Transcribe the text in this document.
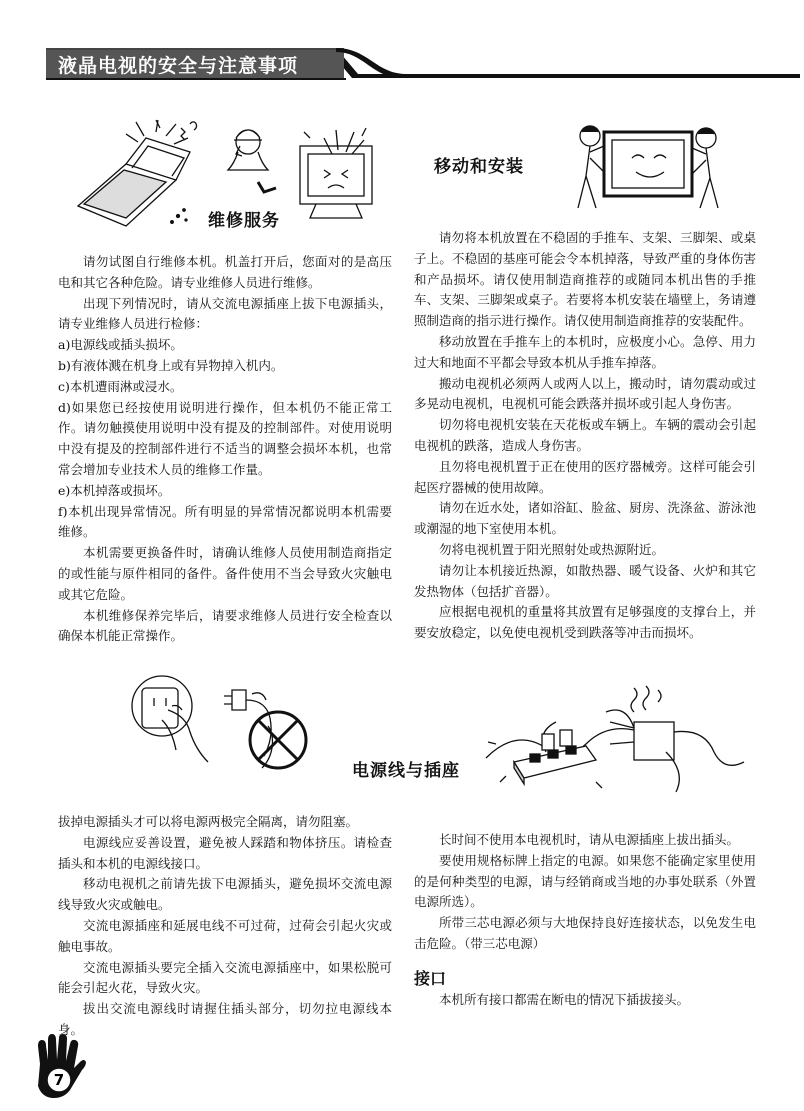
液晶电视的安全与注意事项
维修服务
移动和安装

请勿试图自行维修本机。机盖打开后，您面对的是高压电和其它各种危险。请专业维修人员进行维修。

出现下列情况时，请从交流电源插座上拔下电源插头，请专业维修人员进行检修：

a)电源线或插头损坏。

b)有液体溅在机身上或有异物掉入机内。

c)本机遭雨淋或浸水。

d)如果您已经按使用说明进行操作，但本机仍不能正常工作。请勿触摸使用说明中没有提及的控制部件。对使用说明中没有提及的控制部件进行不适当的调整会损坏本机，也常常会增加专业技术人员的维修工作量。

e)本机掉落或损坏。

f)本机出现异常情况。所有明显的异常情况都说明本机需要维修。

本机需要更换备件时，请确认维修人员使用制造商指定的或性能与原件相同的备件。备件使用不当会导致火灾触电或其它危险。

本机维修保养完毕后，请要求维修人员进行安全检查以确保本机能正常操作。

请勿将本机放置在不稳固的手推车、支架、三脚架、或桌子上。不稳固的基座可能会令本机掉落，导致严重的身体伤害和产品损坏。请仅使用制造商推荐的或随同本机出售的手推车、支架、三脚架或桌子。若要将本机安装在墙壁上，务请遵照制造商的指示进行操作。请仅使用制造商推荐的安装配件。

移动放置在手推车上的本机时，应极度小心。急停、用力过大和地面不平都会导致本机从手推车掉落。

搬动电视机必须两人或两人以上，搬动时，请勿震动或过多晃动电视机，电视机可能会跌落并损坏或引起人身伤害。

切勿将电视机安装在天花板或车辆上。车辆的震动会引起电视机的跌落，造成人身伤害。

且勿将电视机置于正在使用的医疗器械旁。这样可能会引起医疗器械的使用故障。

请勿在近水处，诸如浴缸、脸盆、厨房、洗涤盆、游泳池或潮湿的地下室使用本机。

勿将电视机置于阳光照射处或热源附近。

请勿让本机接近热源，如散热器、暖气设备、火炉和其它发热物体（包括扩音器）。

应根据电视机的重量将其放置有足够强度的支撑台上，并要安放稳定，以免使电视机受到跌落等冲击而损坏。

电源线与插座

拔掉电源插头才可以将电源两极完全隔离，请勿阻塞。

电源线应妥善设置，避免被人踩踏和物体挤压。请检查插头和本机的电源线接口。

移动电视机之前请先拔下电源插头，避免损坏交流电源线导致火灾或触电。

交流电源插座和延展电线不可过荷，过荷会引起火灾或触电事故。

交流电源插头要完全插入交流电源插座中，如果松脱可能会引起火花，导致火灾。

拔出交流电源线时请握住插头部分，切勿拉电源线本身。

长时间不使用本电视机时，请从电源插座上拔出插头。

要使用规格标牌上指定的电源。如果您不能确定家里使用的是何种类型的电源，请与经销商或当地的办事处联系（外置电源所选）。

所带三芯电源必须与大地保持良好连接状态，以免发生电击危险。（带三芯电源）

接口

本机所有接口都需在断电的情况下插拔接头。

7
